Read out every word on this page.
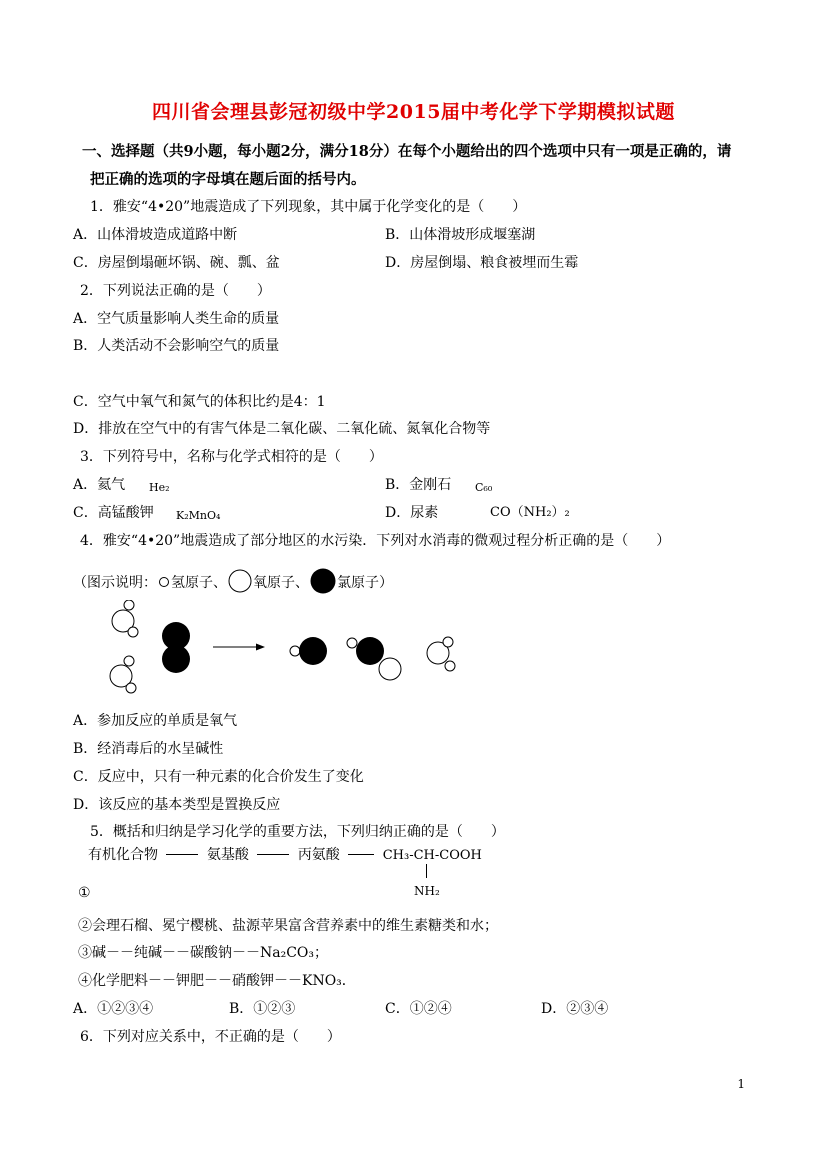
四川省会理县彭冠初级中学2015届中考化学下学期模拟试题
一、选择题（共9小题，每小题2分，满分18分）在每个小题给出的四个选项中只有一项是正确的，请
把正确的选项的字母填在题后面的括号内。
1．雅安“4•20”地震造成了下列现象，其中属于化学变化的是（　　）
A．山体滑坡造成道路中断	B．山体滑坡形成堰塞湖
C．房屋倒塌砸坏锅、碗、瓢、盆	D．房屋倒塌、粮食被埋而生霉
2．下列说法正确的是（　　）
A．空气质量影响人类生命的质量
B．人类活动不会影响空气的质量
C．空气中氧气和氮气的体积比约是4：1
D．排放在空气中的有害气体是二氧化碳、二氧化硫、氮氧化合物等
3．下列符号中，名称与化学式相符的是（　　）
A．氦气 He₂	B．金刚石 C₆₀
C．高锰酸钾 K₂MnO₄	D．尿素	CO（NH₂）₂
4．雅安“4•20”地震造成了部分地区的水污染．下列对水消毒的微观过程分析正确的是（　　）
（图示说明： 氢原子、 氧原子、 氯原子）
A．参加反应的单质是氧气
B．经消毒后的水呈碱性
C．反应中，只有一种元素的化合价发生了变化
D．该反应的基本类型是置换反应
5．概括和归纳是学习化学的重要方法，下列归纳正确的是（　　）
有机化合物	氨基酸	丙氨酸	CH₃-CH-COOH
NH₂
①
②会理石榴、冕宁樱桃、盐源苹果富含营养素中的维生素糖类和水；
③碱－－纯碱－－碳酸钠－－Na₂CO₃；
④化学肥料－－钾肥－－硝酸钾－－KNO₃．
A．①②③④	B．①②③	C．①②④	D．②③④
6．下列对应关系中，不正确的是（　　）
1
